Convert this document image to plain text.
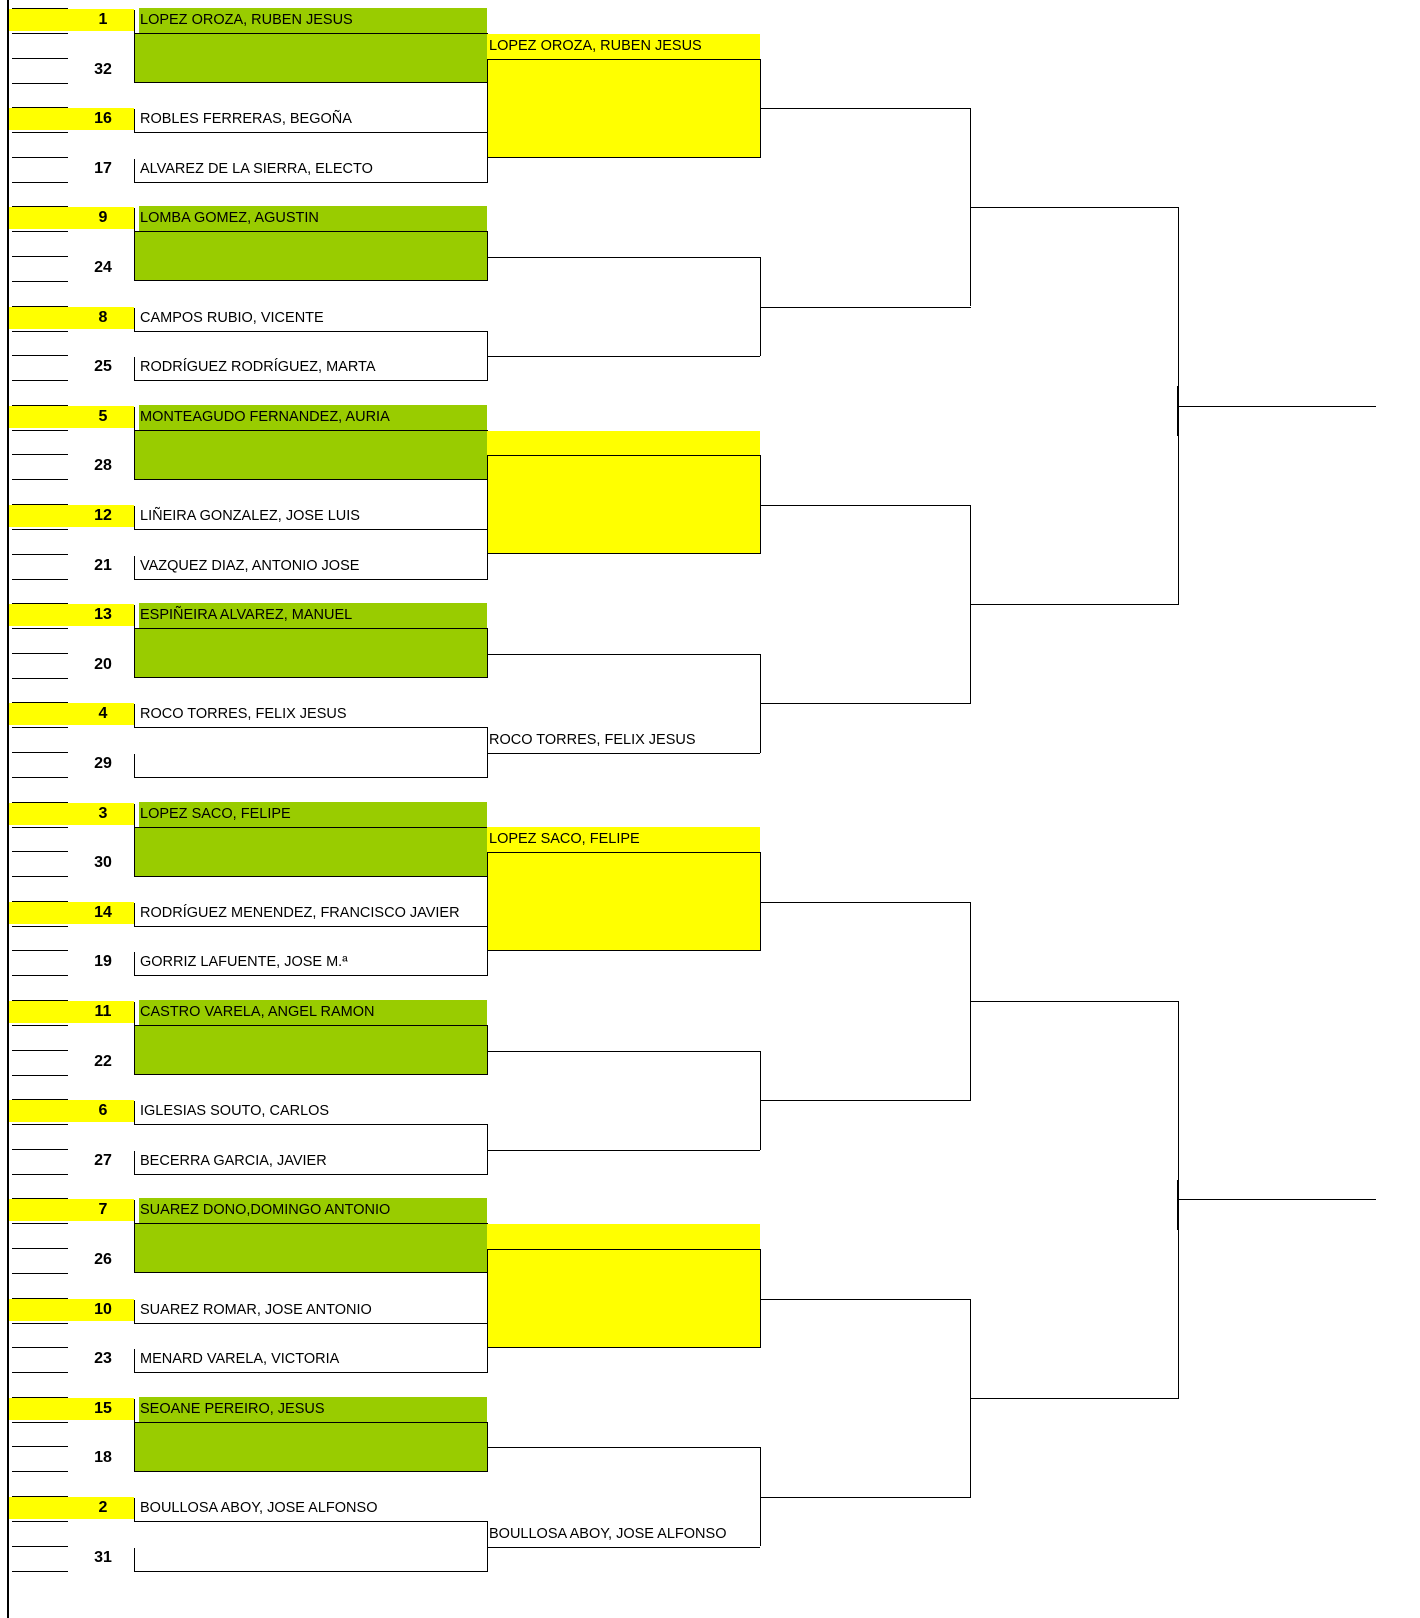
1	LOPEZ OROZA, RUBEN JESUS
32
16	ROBLES FERRERAS, BEGOÑA
17	ALVAREZ DE LA SIERRA, ELECTO
9	LOMBA GOMEZ, AGUSTIN
24
8	CAMPOS RUBIO, VICENTE
25	RODRÍGUEZ RODRÍGUEZ, MARTA
5	MONTEAGUDO FERNANDEZ, AURIA
28
12	LIÑEIRA GONZALEZ, JOSE LUIS
21	VAZQUEZ DIAZ, ANTONIO JOSE
13	ESPIÑEIRA ALVAREZ, MANUEL
20
4	ROCO TORRES, FELIX JESUS
29
3	LOPEZ SACO, FELIPE
30
14	RODRÍGUEZ MENENDEZ, FRANCISCO JAVIER
19	GORRIZ LAFUENTE, JOSE M.ª
11	CASTRO VARELA, ANGEL RAMON
22
6	IGLESIAS SOUTO, CARLOS
27	BECERRA GARCIA, JAVIER
7	SUAREZ DONO,DOMINGO ANTONIO
26
10	SUAREZ ROMAR, JOSE ANTONIO
23	MENARD VARELA, VICTORIA
15	SEOANE PEREIRO, JESUS
18
2	BOULLOSA ABOY, JOSE ALFONSO
31
LOPEZ OROZA, RUBEN JESUS
ROCO TORRES, FELIX JESUS
LOPEZ SACO, FELIPE
BOULLOSA ABOY, JOSE ALFONSO
